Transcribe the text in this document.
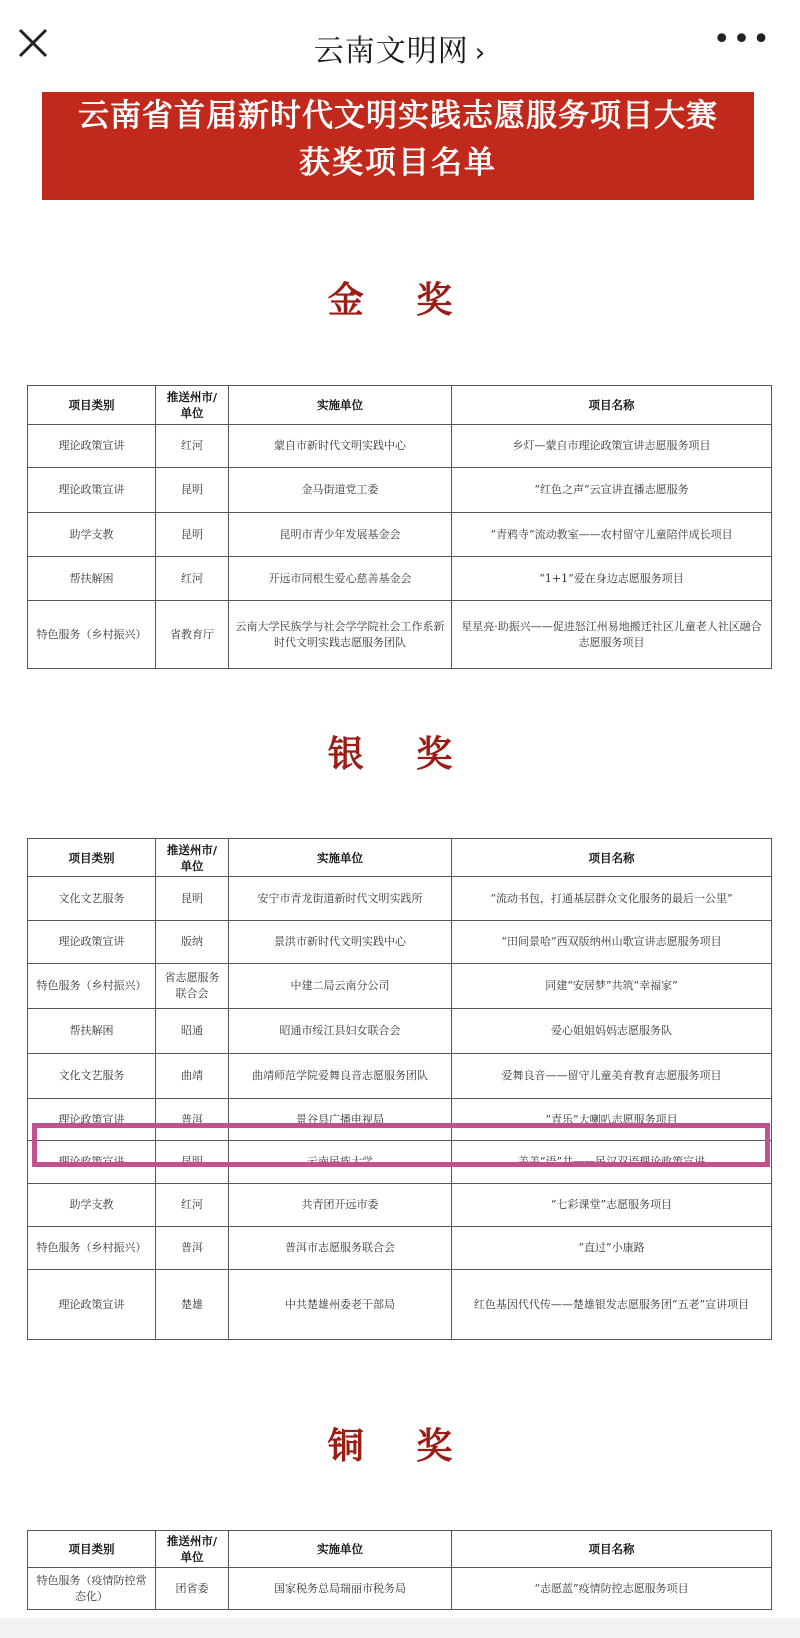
云南文明网 ›	•••
云南省首届新时代文明实践志愿服务项目大赛
获奖项目名单
金 奖
项目类别	推送州市/单位	实施单位	项目名称
理论政策宣讲	红河	蒙自市新时代文明实践中心	乡灯—蒙自市理论政策宣讲志愿服务项目
理论政策宣讲	昆明	金马街道党工委	“红色之声”云宣讲直播志愿服务
助学支教	昆明	昆明市青少年发展基金会	“青鸦寺”流动教室——农村留守儿童陪伴成长项目
帮扶解困	红河	开远市同根生爱心慈善基金会	“1+1”爱在身边志愿服务项目
特色服务（乡村振兴）	省教育厅	云南大学民族学与社会学学院社会工作系新时代文明实践志愿服务团队	星星亮·助振兴——促进怒江州易地搬迁社区儿童老人社区融合志愿服务项目
银 奖
项目类别	推送州市/单位	实施单位	项目名称
文化文艺服务	昆明	安宁市青龙街道新时代文明实践所	“流动书包，打通基层群众文化服务的最后一公里”
理论政策宣讲	版纳	景洪市新时代文明实践中心	“田间景哈”西双版纳州山歌宣讲志愿服务项目
特色服务（乡村振兴）	省志愿服务联合会	中建二局云南分公司	同建“安居梦”共筑“幸福家”
帮扶解困	昭通	昭通市绥江县妇女联合会	爱心姐姐妈妈志愿服务队
文化文艺服务	曲靖	曲靖师范学院爱舞良音志愿服务团队	爱舞良音——留守儿童美育教育志愿服务项目
理论政策宣讲	普洱	景谷县广播电视局	“青乐”大喇叭志愿服务项目
理论政策宣讲	昆明	云南民族大学	美美“语”共——民汉双语理论政策宣讲
助学支教	红河	共青团开远市委	“七彩课堂”志愿服务项目
特色服务（乡村振兴）	普洱	普洱市志愿服务联合会	“直过”小康路
理论政策宣讲	楚雄	中共楚雄州委老干部局	红色基因代代传——楚雄银发志愿服务团“五老”宣讲项目
铜 奖
项目类别	推送州市/单位	实施单位	项目名称
特色服务（疫情防控常态化）	团省委	国家税务总局瑞丽市税务局	“志愿蓝”疫情防控志愿服务项目
